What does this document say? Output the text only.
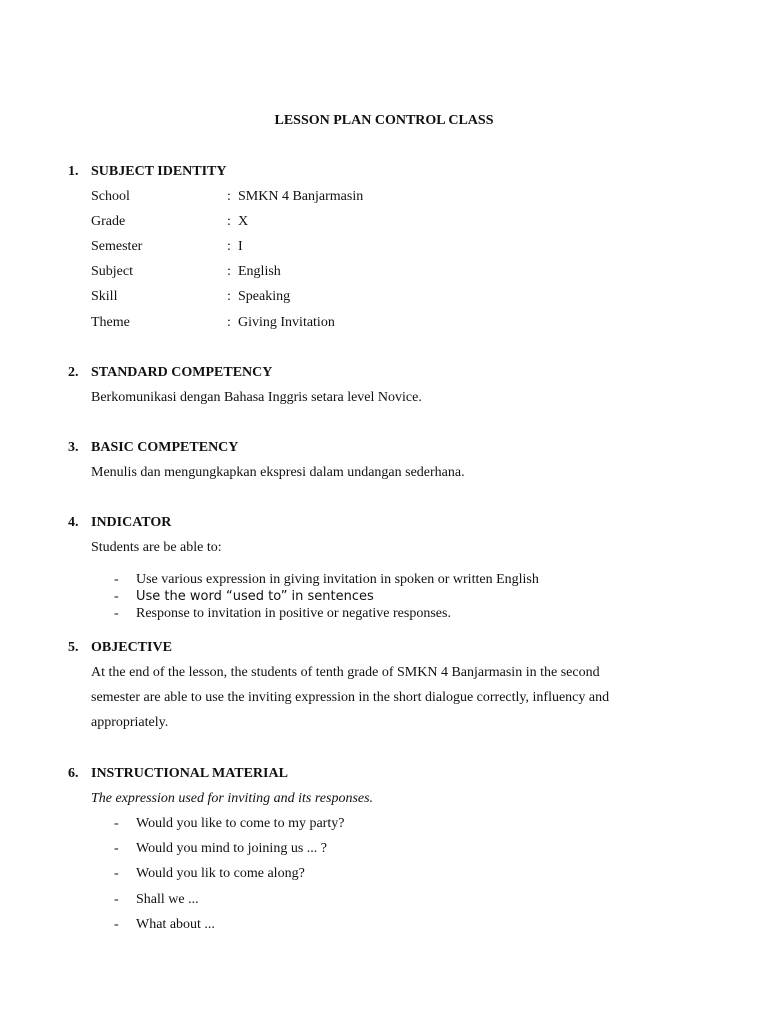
LESSON PLAN CONTROL CLASS
1. SUBJECT IDENTITY
School	: SMKN 4 Banjarmasin
Grade	: X
Semester	: I
Subject	: English
Skill	: Speaking
Theme	: Giving Invitation
2. STANDARD COMPETENCY
Berkomunikasi dengan Bahasa Inggris setara level Novice.
3. BASIC COMPETENCY
Menulis dan mengungkapkan ekspresi dalam undangan sederhana.
4. INDICATOR
Students are be able to:
- Use various expression in giving invitation in spoken or written English
- Use the word “used to” in sentences
- Response to invitation in positive or negative responses.
5. OBJECTIVE
At the end of the lesson, the students of tenth grade of SMKN 4 Banjarmasin in the second
semester are able to use the inviting expression in the short dialogue correctly, influency and
appropriately.
6. INSTRUCTIONAL MATERIAL
The expression used for inviting and its responses.
- Would you like to come to my party?
- Would you mind to joining us ... ?
- Would you lik to come along?
- Shall we ...
- What about ...
